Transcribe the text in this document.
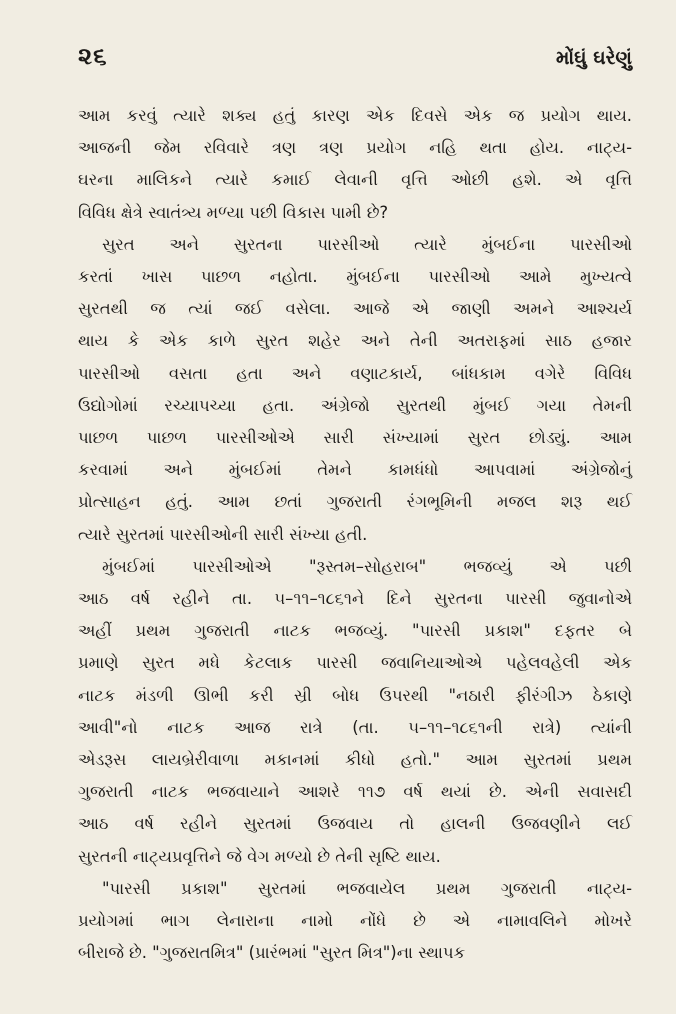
૨૬	મોંઘું ઘરેણું
આમ કરવું ત્યારે શક્ય હતું કારણ એક દિવસે એક જ પ્રયોગ થાય.
આજની જેમ રવિવારે ત્રણ ત્રણ પ્રયોગ નહિ થતા હોય. નાટ્ય-
ઘરના માલિકને ત્યારે કમાઈ લેવાની વૃત્તિ ઓછી હશે. એ વૃત્તિ
વિવિધ ક્ષેત્રે સ્વાતંત્ર્ય મળ્યા પછી વિકાસ પામી છે?
સુરત અને સુરતના પારસીઓ ત્યારે મુંબઈના પારસીઓ
કરતાં ખાસ પાછળ નહોતા. મુંબઈના પારસીઓ આમે મુખ્યત્વે
સુરતથી જ ત્યાં જઈ વસેલા. આજે એ જાણી અમને આશ્ચર્ય
થાય કે એક કાળે સુરત શહેર અને તેની અતરાફમાં સાઠ હજાર
પારસીઓ વસતા હતા અને વણાટકાર્ય, બાંધકામ વગેરે વિવિધ
ઉદ્યોગોમાં રચ્યાપચ્યા હતા. અંગ્રેજો સુરતથી મુંબઈ ગયા તેમની
પાછળ પાછળ પારસીઓએ સારી સંખ્યામાં સુરત છોડ્યું. આમ
કરવામાં અને મુંબઈમાં તેમને કામધંધો આપવામાં અંગ્રેજોનું
પ્રોત્સાહન હતું. આમ છતાં ગુજરાતી રંગભૂમિની મજલ શરૂ થઈ
ત્યારે સુરતમાં પારસીઓની સારી સંખ્યા હતી.
મુંબઈમાં પારસીઓએ "રૂસ્તમ–સોહરાબ" ભજવ્યું એ પછી
આઠ વર્ષ રહીને તા. ૫–૧૧–૧૮૬૧ને દિને સુરતના પારસી જુવાનોએ
અહીં પ્રથમ ગુજરાતી નાટક ભજવ્યું. "પારસી પ્રકાશ" દફતર બે
પ્રમાણે સુરત મધે કેટલાક પારસી જવાનિયાઓએ પહેલવહેલી એક
નાટક મંડળી ઊભી કરી સ્રી બોધ ઉપરથી "નઠારી ફીરંગીઝ ઠેકાણે
આવી"નો નાટક આજ રાત્રે (તા. ૫–૧૧–૧૮૬૧ની રાત્રે) ત્યાંની
એડરૂસ લાયબ્રેરીવાળા મકાનમાં કીધો હતો." આમ સુરતમાં પ્રથમ
ગુજરાતી નાટક ભજવાયાને આશરે ૧૧૭ વર્ષ થયાં છે. એની સવાસદી
આઠ વર્ષ રહીને સુરતમાં ઉજવાય તો હાલની ઉજવણીને લઈ
સુરતની નાટ્યપ્રવૃત્તિને જે વેગ મળ્યો છે તેની સૃષ્ટિ થાય.
"પારસી પ્રકાશ" સુરતમાં ભજવાયેલ પ્રથમ ગુજરાતી નાટ્ય-
પ્રયોગમાં ભાગ લેનારાના નામો નોંધે છે એ નામાવલિને મોખરે
બીરાજે છે. "ગુજરાતમિત્ર" (પ્રારંભમાં "સુરત મિત્ર")ના સ્થાપક
